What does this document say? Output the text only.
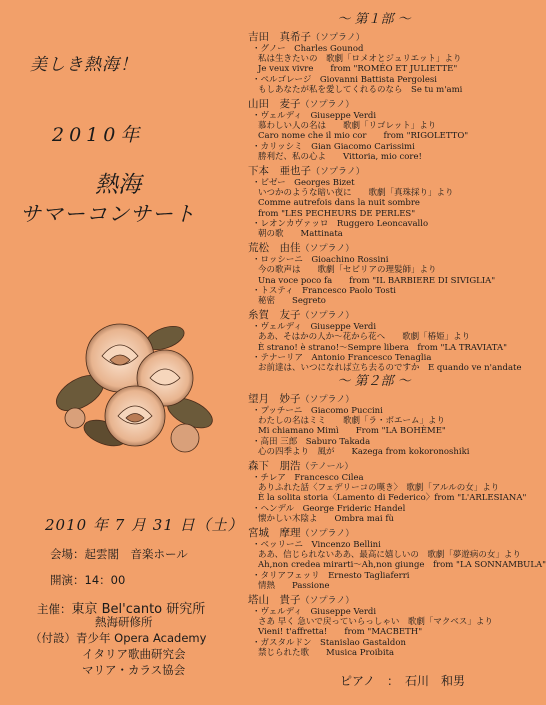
美しき熱海！
2010年
熱海
サマーコンサート
2010 年 7 月 31 日（土）
会場：起雲閣　音楽ホール
開演：14：00
主催：東京 Bel'canto 研究所
熱海研修所
（付設）青少年 Opera Academy
イタリア歌曲研究会
マリア・カラス協会

〜 第１部 〜

吉田　真希子（ソプラノ）
・グノー　Charles Gounod
私は生きたいの　歌劇「ロメオとジュリエット」より
Je veux vivre　　from "ROMÉO ET JULIETTE"
・ペルゴレージ　Giovanni Battista Pergolesi
もしあなたが私を愛してくれるのなら　Se tu m'ami
山田　麦子（ソプラノ）
・ヴェルディ　Giuseppe Verdi
慕わしい人の名は　　歌劇「リゴレット」より
Caro nome che il mio cor　　from "RIGOLETTO"
・カリッシミ　Gian Giacomo Carissimi
勝利だ、私の心よ　　Vittoria, mio core!
下本　亜也子（ソプラノ）
・ビゼー　Georges Bizet
いつかのような暗い夜に　　歌劇「真珠採り」より
Comme autrefois dans la nuit sombre
from "LES PECHEURS DE PERLES"
・レオンカヴァッロ　Ruggero Leoncavallo
朝の歌　　Mattinata
荒松　由佳（ソプラノ）
・ロッシーニ　Gioachino Rossini
今の歌声は　　歌劇「セビリアの理髪師」より
Una voce poco fa　　from "IL BARBIERE DI SIVIGLIA"
・トスティ　Francesco Paolo Tosti
秘密　　Segreto
糸賀　友子（ソプラノ）
・ヴェルディ　Giuseppe Verdi
ああ、そはかの人か〜花から花へ　　歌劇「椿姫」より
È strano! è strano!〜Sempre libera　from "LA TRAVIATA"
・テナーリア　Antonio Francesco Tenaglia
お前達は、いつになれば立ち去るのですか　E quando ve n'andate

〜 第２部 〜

望月　妙子（ソプラノ）
・プッチーニ　Giacomo Puccini
わたしの名はミミ　　歌劇「ラ・ボエーム」より
Mi chiamano Mimì　　From "LA BOHÈME"
・高田 三郎　Saburo Takada
心の四季より　風が　　Kazega from kokoronoshiki
森下　朋浩（テノール）
・チレア　Francesco Cilea
ありふれた話〈フェデリーコの嘆き〉　歌劇「アルルの女」より
È la solita storia〈Lamento di Federico〉from "L'ARLESIANA"
・ヘンデル　George Frideric Handel
懐かしい木陰よ　　Ombra mai fù
宮城　摩理（ソプラノ）
・ベッリーニ　Vincenzo Bellini
ああ、信じられないああ、最高に嬉しいの　歌劇「夢遊病の女」より
Ah,non credea mirarti〜Ah,non giunge　from "LA SONNAMBULA"
・タリアフェッリ　Ernesto Tagliaferri
情熱　　Passione
塔山　貴子（ソプラノ）
・ヴェルディ　Giuseppe Verdi
さあ 早く 急いで戻っていらっしゃい　歌劇「マクベス」より
Vieni! t'affretta!　　from "MACBETH"
・ガスタルドン　Stanislao Gastaldon
禁じられた歌　　Musica Proibita
ピアノ　：　石川　和男
